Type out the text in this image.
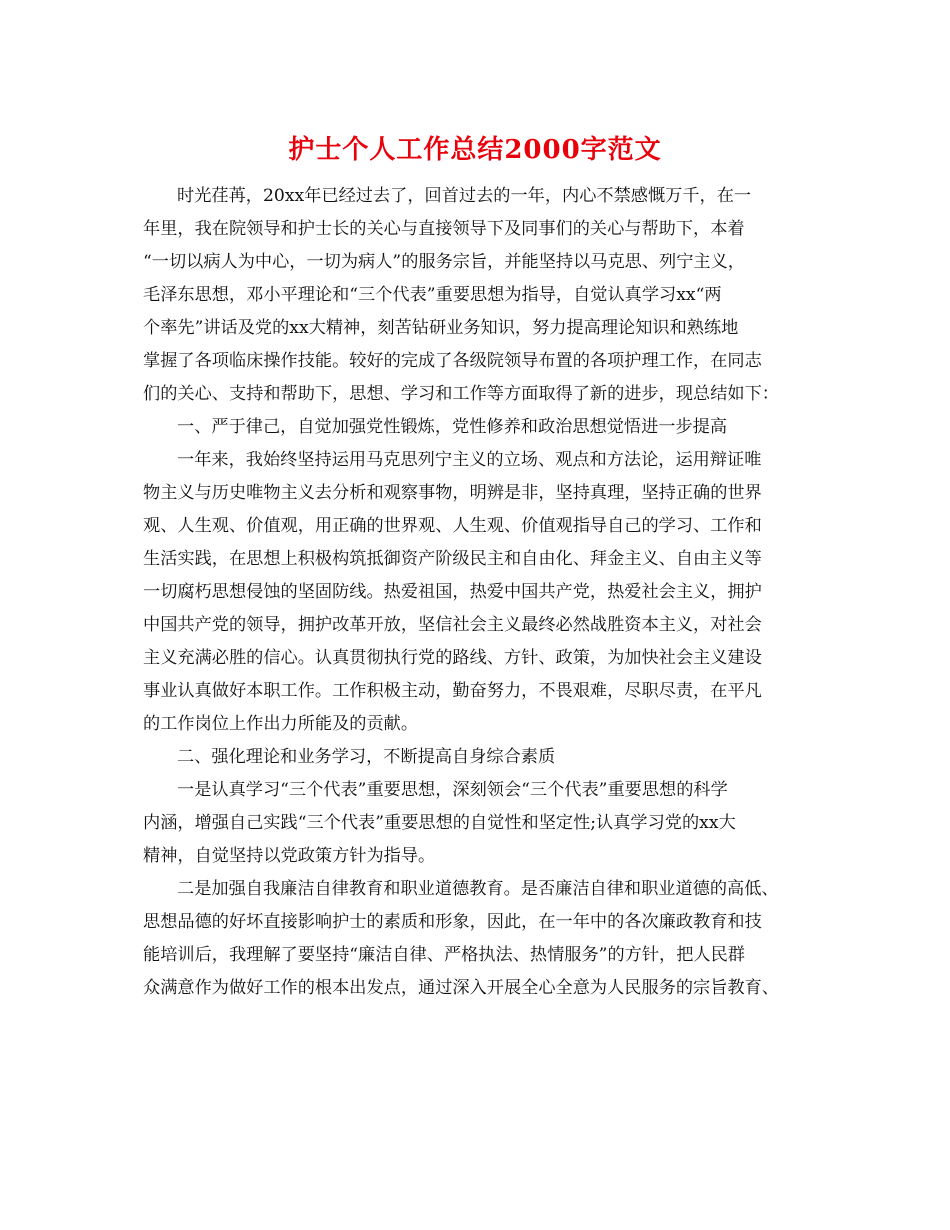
护士个人工作总结2000字范文
时光荏苒，20xx年已经过去了，回首过去的一年，内心不禁感慨万千，在一
年里，我在院领导和护士长的关心与直接领导下及同事们的关心与帮助下，本着
“一切以病人为中心，一切为病人”的服务宗旨，并能坚持以马克思、列宁主义，
毛泽东思想，邓小平理论和“三个代表”重要思想为指导，自觉认真学习xx“两
个率先”讲话及党的xx大精神，刻苦钻研业务知识，努力提高理论知识和熟练地
掌握了各项临床操作技能。较好的完成了各级院领导布置的各项护理工作，在同志
们的关心、支持和帮助下，思想、学习和工作等方面取得了新的进步，现总结如下：
一、严于律己，自觉加强党性锻炼，党性修养和政治思想觉悟进一步提高
一年来，我始终坚持运用马克思列宁主义的立场、观点和方法论，运用辩证唯
物主义与历史唯物主义去分析和观察事物，明辨是非，坚持真理，坚持正确的世界
观、人生观、价值观，用正确的世界观、人生观、价值观指导自己的学习、工作和
生活实践，在思想上积极构筑抵御资产阶级民主和自由化、拜金主义、自由主义等
一切腐朽思想侵蚀的坚固防线。热爱祖国，热爱中国共产党，热爱社会主义，拥护
中国共产党的领导，拥护改革开放，坚信社会主义最终必然战胜资本主义，对社会
主义充满必胜的信心。认真贯彻执行党的路线、方针、政策，为加快社会主义建设
事业认真做好本职工作。工作积极主动，勤奋努力，不畏艰难，尽职尽责，在平凡
的工作岗位上作出力所能及的贡献。
二、强化理论和业务学习，不断提高自身综合素质
一是认真学习“三个代表”重要思想，深刻领会“三个代表”重要思想的科学
内涵，增强自己实践“三个代表”重要思想的自觉性和坚定性;认真学习党的xx大
精神，自觉坚持以党政策方针为指导。
二是加强自我廉洁自律教育和职业道德教育。是否廉洁自律和职业道德的高低、
思想品德的好坏直接影响护士的素质和形象，因此，在一年中的各次廉政教育和技
能培训后，我理解了要坚持“廉洁自律、严格执法、热情服务”的方针，把人民群
众满意作为做好工作的根本出发点，通过深入开展全心全意为人民服务的宗旨教育、
